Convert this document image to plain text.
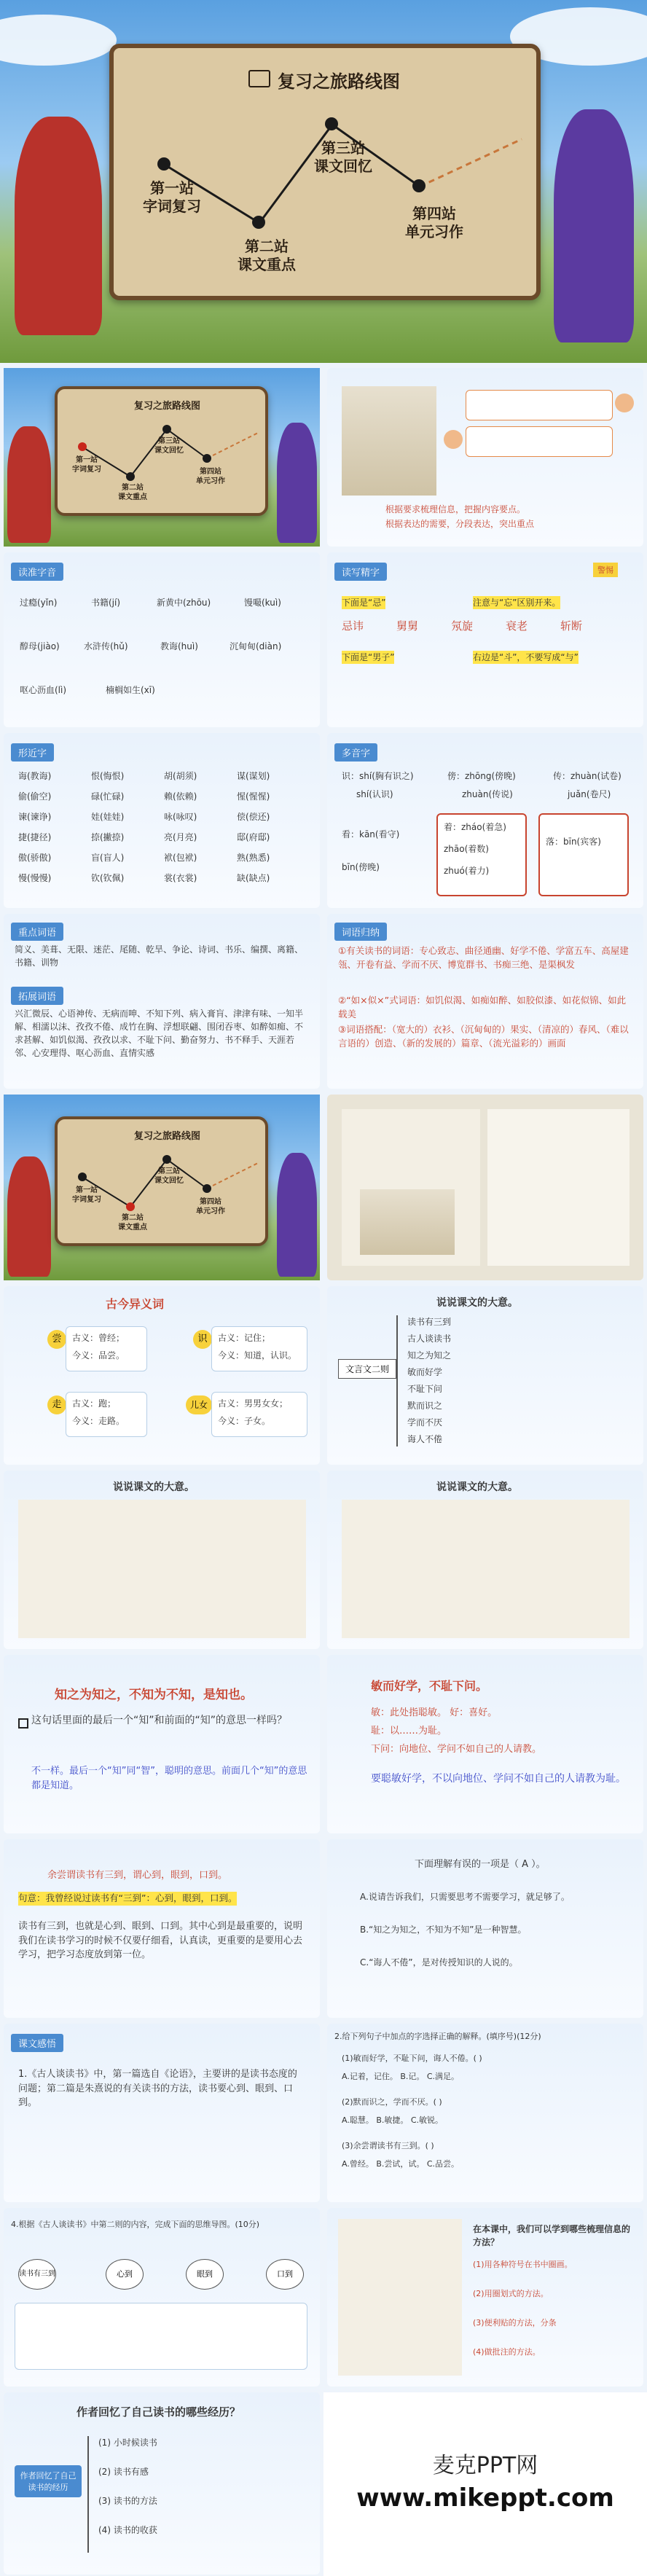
复习之旅路线图
第一站
字词复习
第二站
课文重点
第三站
课文回忆
第四站
单元习作
复习之旅路线图
第一站
字词复习
第二站
课文重点
第三站
课文回忆
第四站
单元习作
根据要求梳理信息，把握内容要点。
根据表达的需要，分段表达，突出重点
读准字音
过瘾(yǐn)	书籍(jí)	新黄中(zhōu)	馒嘬(kuì)
醇母(jiào)	水浒传(hǔ)	教诲(huì)	沉甸甸(diàn)
呕心沥血(lì)	楠榈如生(xī)
读写精字	警惕
下面是“忌”	注意与“忘”区别开来。
忌讳	舅舅	氖旋	衰老	斩断
下面是“男子”	右边是“斗”，不要写成“与”
形近字
诲(教诲)	恨(悔恨)	胡(胡须)	谋(谋划)
偷(偷空)	碌(忙碌)	赖(依赖)	惺(惺惺)
谏(谏诤)	娃(娃娃)	咏(咏叹)	偿(偿还)
捷(捷径)	捺(撇捺)	亮(月亮)	邸(府邸)
傲(骄傲)	盲(盲人)	袱(包袱)	熟(熟悉)
慢(慢慢)	钦(钦佩)	裳(衣裳)	缺(缺点)
多音字
识：shí(胸有识之)	傍：zhōng(傍晚)	传：zhuàn(试卷)
shí(认识)	zhuàn(传说)	juǎn(卷尺)
看：kān(看守)
着：zháo(着急)
zhāo(着数)
zhuó(着力)
落：bīn(宾客)
bīn(傍晚)
重点词语
简义、美葺、无限、迷茫、尾随、乾旱、争论、诗词、书乐、编撰、离籍、书籍、训物
拓展词语
兴汇微辰、心语神传、无病而呻、不知下列、病入膏肓、津津有味、一知半解、相濡以沫、孜孜不倦、成竹在胸、浮想联翩、围闭吞枣、如醉如痴、不求甚解、如饥似渴、孜孜以求、不耻下问、勤奋努力、书不释手、天涯若邻、心安理得、呕心沥血、直情实感
词语归纳
①有关读书的词语：专心致志、曲径通幽、好学不倦、学富五车、高屋建瓴、开卷有益、学而不厌、博览群书、书痴三绝、是渠枫发
②“如×似×”式词语：如饥似渴、如痴如醉、如胶似漆、如花似锦、如此载美
③词语搭配：（宽大的）衣衫、（沉甸甸的）果实、（清凉的）春风、（难以言语的）创造、（新的发展的）篇章、（流光溢彩的）画面
复习之旅路线图
第一站
字词复习
第二站
课文重点
第三站
课文回忆
第四站
单元习作
古今异义词
尝	古义：曾经；
今义：品尝。
识	古义：记住；
今义：知道，认识。
走	古义：跑；
今义：走路。
儿女	古义：男男女女；
今义：子女。
说说课文的大意。
文言文二则
读书有三到
古人谈读书
知之为知之
敏而好学
不耻下问
默而识之
学而不厌
诲人不倦
说说课文的大意。	说说课文的大意。
知之为知之，不知为不知，是知也。
这句话里面的最后一个“知”和前面的“知”的意思一样吗？
不一样。最后一个“知”同“智”，聪明的意思。前面几个“知”的意思都是知道。
敏而好学，不耻下问。
敏：此处指聪敏。 好：喜好。
耻：以……为耻。
下问：向地位、学问不如自己的人请教。
要聪敏好学，不以向地位、学问不如自己的人请教为耻。
余尝谓读书有三到，谓心到，眼到，口到。
句意：我曾经说过读书有“三到”：心到，眼到，口到。
读书有三到，也就是心到、眼到、口到。其中心到是最重要的，说明我们在读书学习的时候不仅要仔细看，认真读，更重要的是要用心去学习，把学习态度放到第一位。
下面理解有误的一项是（ A ）。
A.说请告诉我们，只需要思考不需要学习，就足够了。
B.“知之为知之，不知为不知”是一种智慧。
C.“诲人不倦”，是对传授知识的人说的。
课文感悟
1.《古人谈读书》中，第一篇选自《论语》，主要讲的是读书态度的问题；第二篇是朱熹说的有关读书的方法，读书要心到、眼到、口到。
2.给下列句子中加点的字选择正确的解释。(填序号)(12分)
(1)敏而好学，不耻下问，诲人不倦。( )
A.记着，记住。 B.记。 C.满足。
(2)默而识之，学而不厌。( )
A.聪慧。 B.敏捷。 C.敏锐。
(3)余尝谓读书有三到。( )
A.曾经。 B.尝试，试。 C.品尝。
4.根据《古人谈读书》中第二则的内容，完成下面的思维导图。(10分)
读书有三到	心到	眼到	口到
在本课中，我们可以学到哪些梳理信息的方法？
(1)用各种符号在书中圈画。
(2)用圈划式的方法。
(3)便利贴的方法，分条
(4)做批注的方法。
作者回忆了自己读书的哪些经历？
作者回忆了自己读书的经历
(1) 小时候读书
(2) 读书有感
(3) 读书的方法
(4) 读书的收获
麦克PPT网
www.mikeppt.com
